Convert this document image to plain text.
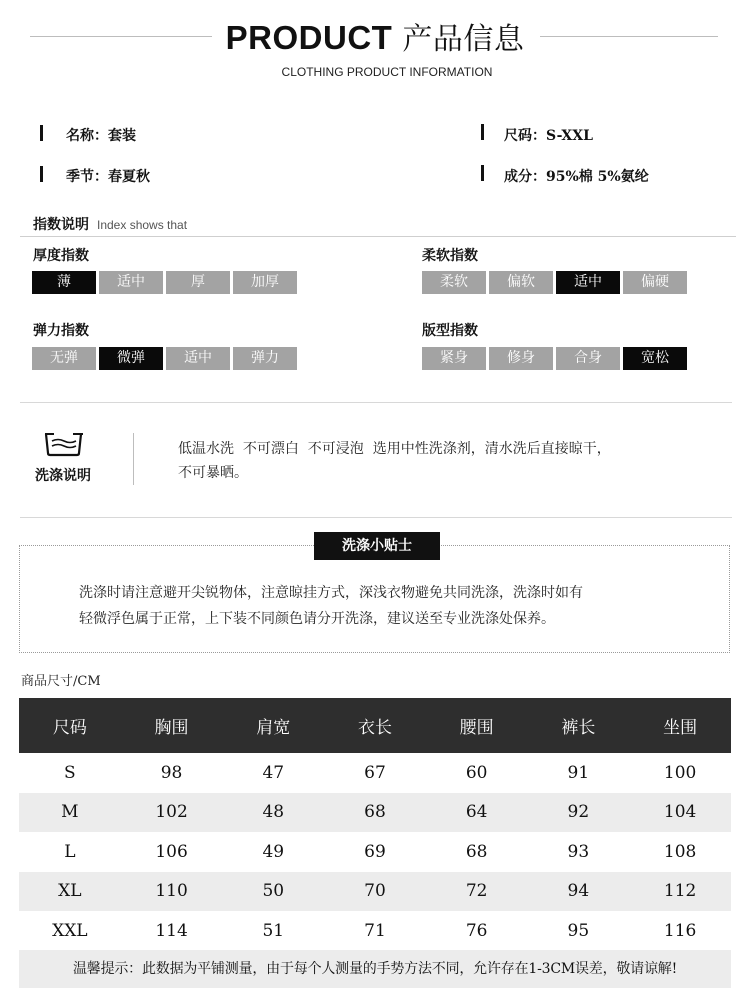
PRODUCT 产品信息
CLOTHING PRODUCT INFORMATION
名称：套装	尺码：S-XXL
季节：春夏秋	成分：95%棉 5%氨纶
指数说明 Index shows that
厚度指数
薄	适中	厚	加厚
柔软指数
柔软	偏软	适中	偏硬
弹力指数
无弹	微弹	适中	弹力
版型指数
紧身	修身	合身	宽松
洗涤说明
低温水洗  不可漂白  不可浸泡  选用中性洗涤剂，清水洗后直接晾干，
不可暴晒。
洗涤小贴士
洗涤时请注意避开尖锐物体，注意晾挂方式，深浅衣物避免共同洗涤，洗涤时如有
轻微浮色属于正常，上下装不同颜色请分开洗涤，建议送至专业洗涤处保养。
商品尺寸/CM
尺码	胸围	肩宽	衣长	腰围	裤长	坐围
S	98	47	67	60	91	100
M	102	48	68	64	92	104
L	106	49	69	68	93	108
XL	110	50	70	72	94	112
XXL	114	51	71	76	95	116
温馨提示：此数据为平铺测量，由于每个人测量的手势方法不同，允许存在1-3CM误差，敬请谅解!
